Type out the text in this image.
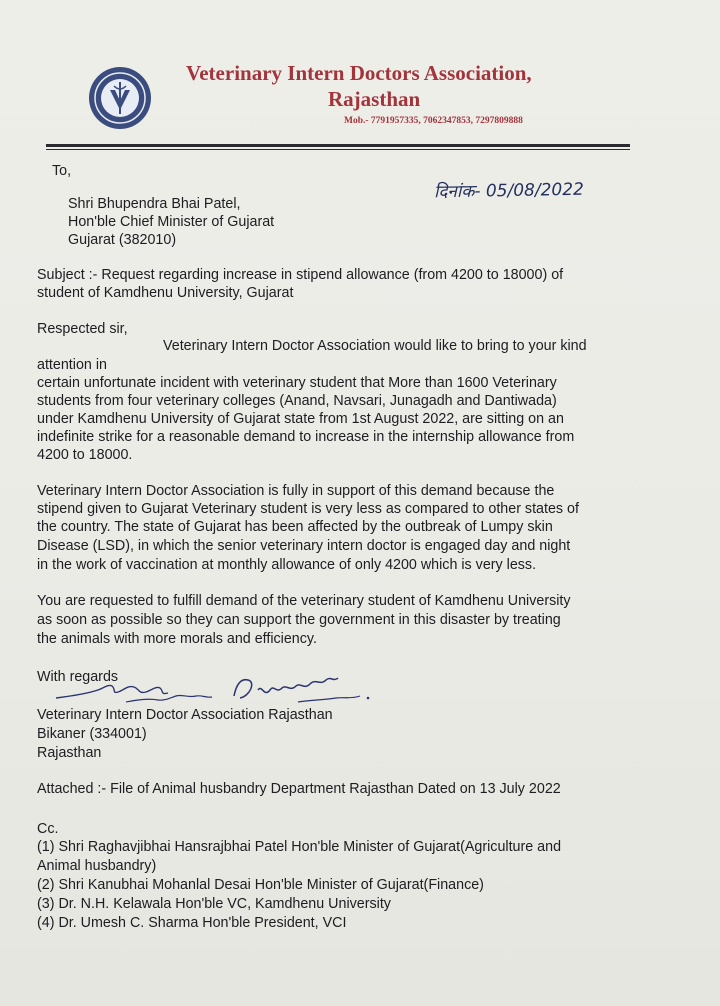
Veterinary Intern Doctors Association,
Rajasthan
Mob.- 7791957335, 7062347853, 7297809888
To,
दिनांक- 05/08/2022
Shri Bhupendra Bhai Patel,
Hon'ble Chief Minister of Gujarat
Gujarat (382010)
Subject :- Request regarding increase in stipend allowance (from 4200 to 18000) of
student of Kamdhenu University, Gujarat
Respected sir,
Veterinary Intern Doctor Association would like to bring to your kind
attention in
certain unfortunate incident with veterinary student that More than 1600 Veterinary
students from four veterinary colleges (Anand, Navsari, Junagadh and Dantiwada)
under Kamdhenu University of Gujarat state from 1st August 2022, are sitting on an
indefinite strike for a reasonable demand to increase in the internship allowance from
4200 to 18000.
Veterinary Intern Doctor Association is fully in support of this demand because the
stipend given to Gujarat Veterinary student is very less as compared to other states of
the country. The state of Gujarat has been affected by the outbreak of Lumpy skin
Disease (LSD), in which the senior veterinary intern doctor is engaged day and night
in the work of vaccination at monthly allowance of only 4200 which is very less.
You are requested to fulfill demand of the veterinary student of Kamdhenu University
as soon as possible so they can support the government in this disaster by treating
the animals with more morals and efficiency.
With regards
Veterinary Intern Doctor Association Rajasthan
Bikaner (334001)
Rajasthan
Attached :- File of Animal husbandry Department Rajasthan Dated on 13 July 2022
Cc.
(1) Shri Raghavjibhai Hansrajbhai Patel Hon'ble Minister of Gujarat(Agriculture and
Animal husbandry)
(2) Shri Kanubhai Mohanlal Desai Hon'ble Minister of Gujarat(Finance)
(3) Dr. N.H. Kelawala Hon'ble VC, Kamdhenu University
(4) Dr. Umesh C. Sharma Hon'ble President, VCI
